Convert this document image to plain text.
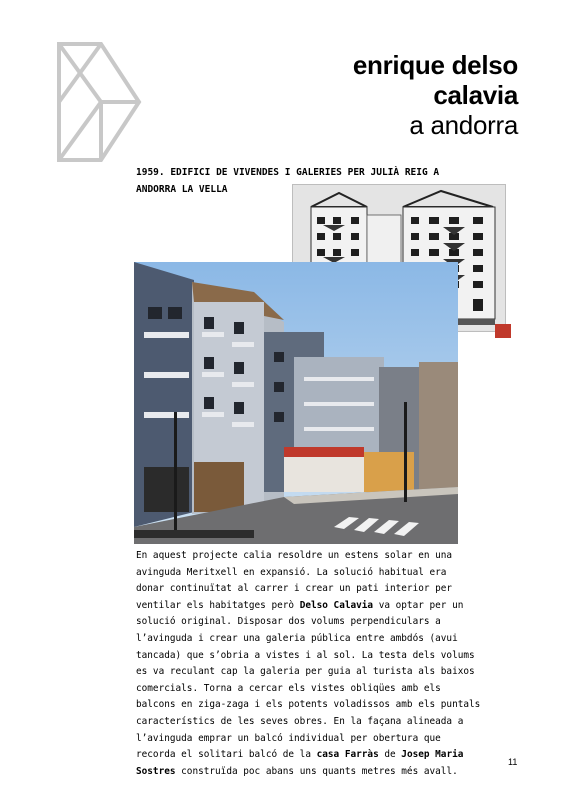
enrique delso
calavia
a andorra
1959. EDIFICI DE VIVENDES I GALERIES PER JULIÀ REIG A
ANDORRA LA VELLA

En aquest projecte calia resoldre un estens solar en una

avinguda Meritxell en expansió. La solució habitual era

donar continuïtat al carrer i crear un pati interior per

ventilar els habitatges però Delso Calavia va optar per un

solució original. Disposar dos volums perpendiculars a

l’avinguda i crear una galeria pública entre ambdós (avui

tancada) que s’obria a vistes i al sol. La testa dels volums

es va reculant cap la galeria per guia al turista als baixos

comercials. Torna a cercar els vistes obliqües amb els

balcons en ziga-zaga i els potents voladissos amb els puntals

característics de les seves obres. En la façana alineada a

l’avinguda emprar un balcó individual per obertura que

recorda el solitari balcó de la casa Farràs de Josep Maria

Sostres construïda poc abans uns quants metres més avall.

11
